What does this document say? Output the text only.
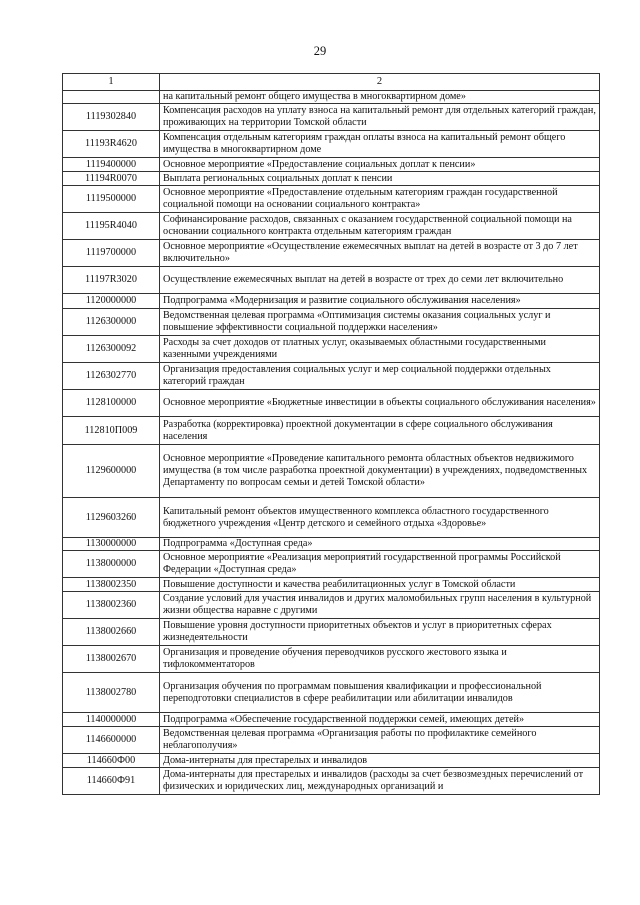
29
1	2
	на капитальный ремонт общего имущества в многоквартирном доме»
1119302840	Компенсация расходов на уплату взноса на капитальный ремонт для отдельных категорий граждан, проживающих на территории Томской области
11193R4620	Компенсация отдельным категориям граждан оплаты взноса на капитальный ремонт общего имущества в многоквартирном доме
1119400000	Основное мероприятие «Предоставление социальных доплат к пенсии»
11194R0070	Выплата региональных социальных доплат к пенсии
1119500000	Основное мероприятие «Предоставление отдельным категориям граждан государственной социальной помощи на основании социального контракта»
11195R4040	Софинансирование расходов, связанных с оказанием государственной социальной помощи на основании социального контракта отдельным категориям граждан
1119700000	Основное мероприятие «Осуществление ежемесячных выплат на детей в возрасте от 3 до 7 лет включительно»
11197R3020	Осуществление ежемесячных выплат на детей в возрасте от трех до семи лет включительно
1120000000	Подпрограмма «Модернизация и развитие социального обслуживания населения»
1126300000	Ведомственная целевая программа «Оптимизация системы оказания социальных услуг и повышение эффективности социальной поддержки населения»
1126300092	Расходы за счет доходов от платных услуг, оказываемых областными государственными казенными учреждениями
1126302770	Организация предоставления социальных услуг и мер социальной поддержки отдельных категорий граждан
1128100000	Основное мероприятие «Бюджетные инвестиции в объекты социального обслуживания населения»
112810П009	Разработка (корректировка) проектной документации в сфере социального обслуживания населения
1129600000	Основное мероприятие «Проведение капитального ремонта областных объектов недвижимого имущества (в том числе разработка проектной документации) в учреждениях, подведомственных Департаменту по вопросам семьи и детей Томской области»
1129603260	Капитальный ремонт объектов имущественного комплекса областного государственного бюджетного учреждения «Центр детского и семейного отдыха «Здоровье»
1130000000	Подпрограмма «Доступная среда»
1138000000	Основное мероприятие «Реализация мероприятий государственной программы Российской Федерации «Доступная среда»
1138002350	Повышение доступности и качества реабилитационных услуг в Томской области
1138002360	Создание условий для участия инвалидов и других маломобильных групп населения в культурной жизни общества наравне с другими
1138002660	Повышение уровня доступности приоритетных объектов и услуг в приоритетных сферах жизнедеятельности
1138002670	Организация и проведение обучения переводчиков русского жестового языка и тифлокомментаторов
1138002780	Организация обучения по программам повышения квалификации и профессиональной переподготовки специалистов в сфере реабилитации или абилитации инвалидов
1140000000	Подпрограмма «Обеспечение государственной поддержки семей, имеющих детей»
1146600000	Ведомственная целевая программа «Организация работы по профилактике семейного неблагополучия»
114660Ф00	Дома-интернаты для престарелых и инвалидов
114660Ф91	Дома-интернаты для престарелых и инвалидов (расходы за счет безвозмездных перечислений от физических и юридических лиц, международных организаций и
